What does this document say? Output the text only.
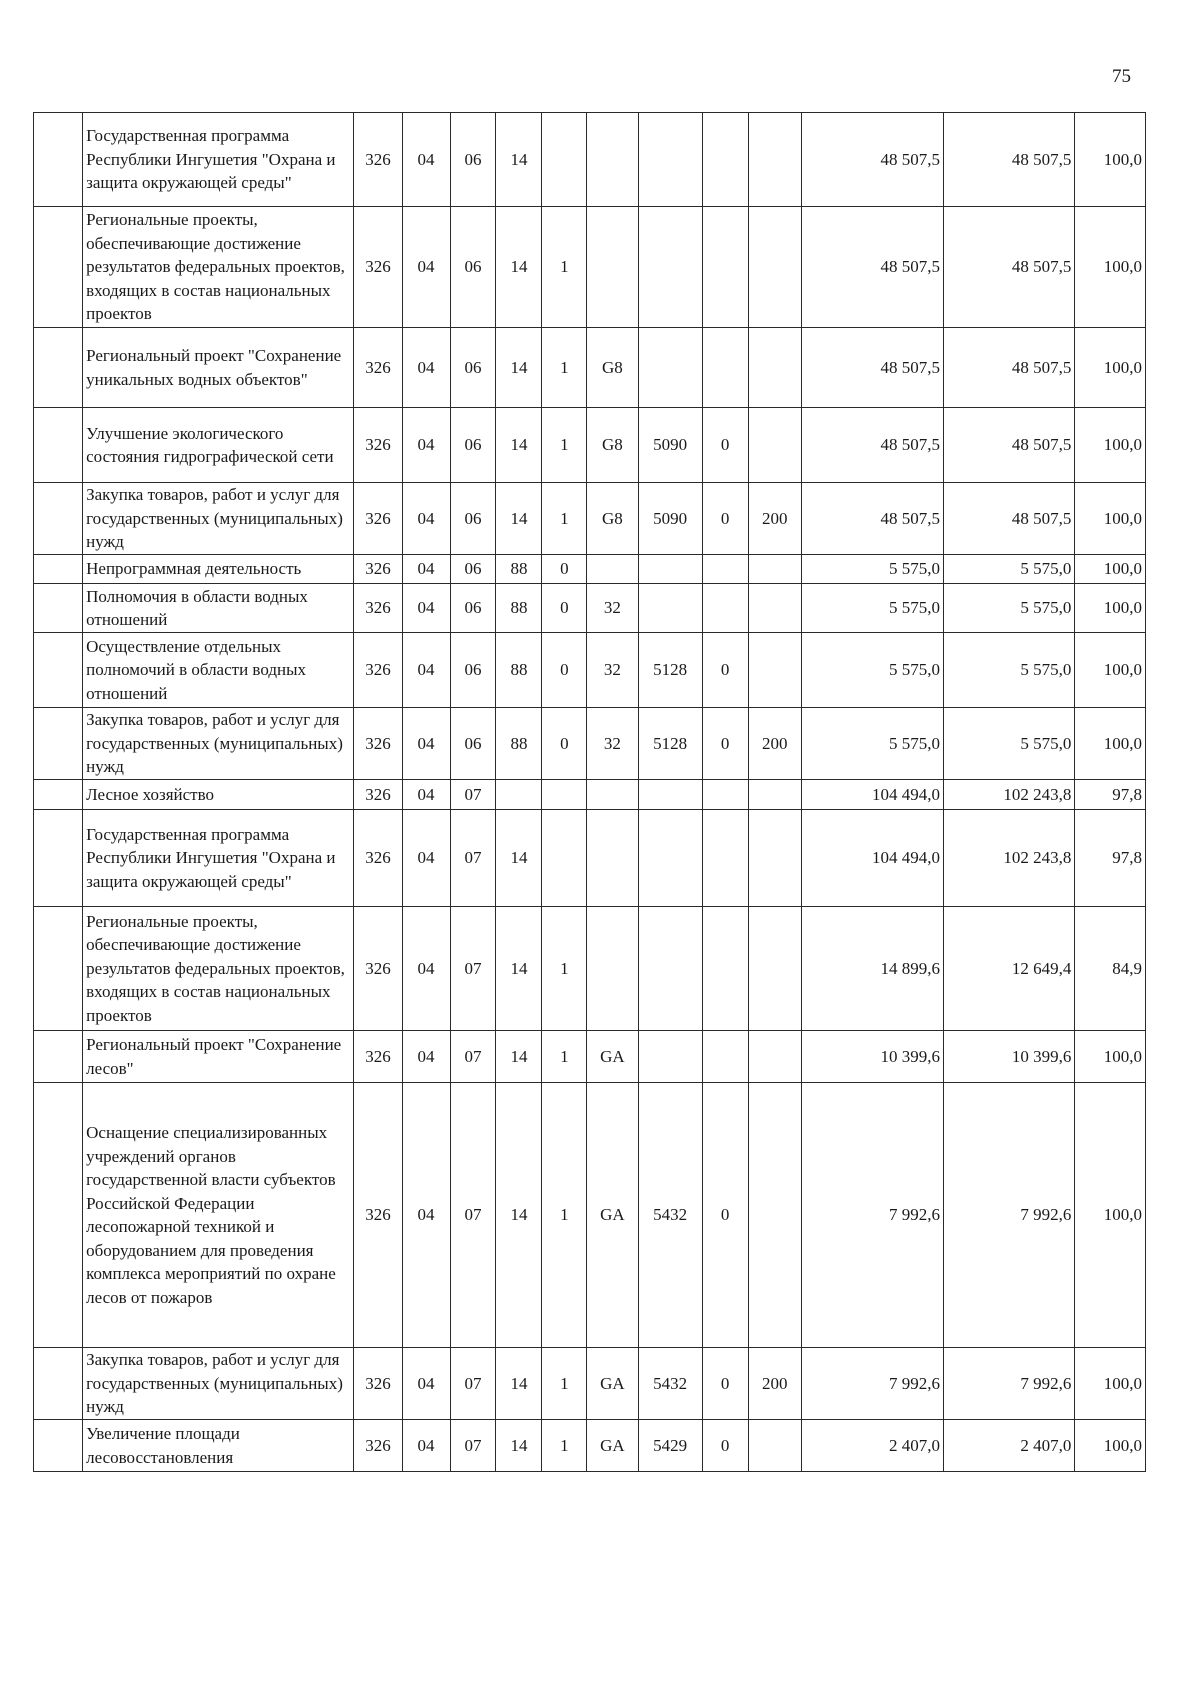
75
	Государственная программа Республики Ингушетия "Охрана и защита окружающей среды"	326	04	06	14						48 507,5	48 507,5	100,0
	Региональные проекты, обеспечивающие достижение результатов федеральных проектов, входящих в состав национальных проектов	326	04	06	14	1					48 507,5	48 507,5	100,0
	Региональный проект "Сохранение уникальных водных объектов"	326	04	06	14	1	G8				48 507,5	48 507,5	100,0
	Улучшение экологического состояния гидрографической сети	326	04	06	14	1	G8	5090	0		48 507,5	48 507,5	100,0
	Закупка товаров, работ и услуг для государственных (муниципальных) нужд	326	04	06	14	1	G8	5090	0	200	48 507,5	48 507,5	100,0
	Непрограммная деятельность	326	04	06	88	0					5 575,0	5 575,0	100,0
	Полномочия в области водных отношений	326	04	06	88	0	32				5 575,0	5 575,0	100,0
	Осуществление отдельных полномочий в области водных отношений	326	04	06	88	0	32	5128	0		5 575,0	5 575,0	100,0
	Закупка товаров, работ и услуг для государственных (муниципальных) нужд	326	04	06	88	0	32	5128	0	200	5 575,0	5 575,0	100,0
	Лесное хозяйство	326	04	07							104 494,0	102 243,8	97,8
	Государственная программа Республики Ингушетия "Охрана и защита окружающей среды"	326	04	07	14						104 494,0	102 243,8	97,8
	Региональные проекты, обеспечивающие достижение результатов федеральных проектов, входящих в состав национальных проектов	326	04	07	14	1					14 899,6	12 649,4	84,9
	Региональный проект "Сохранение лесов"	326	04	07	14	1	GA				10 399,6	10 399,6	100,0
	Оснащение специализированных учреждений органов государственной власти субъектов Российской Федерации лесопожарной техникой и оборудованием для проведения комплекса мероприятий по охране лесов от пожаров	326	04	07	14	1	GA	5432	0		7 992,6	7 992,6	100,0
	Закупка товаров, работ и услуг для государственных (муниципальных) нужд	326	04	07	14	1	GA	5432	0	200	7 992,6	7 992,6	100,0
	Увеличение площади лесовосстановления	326	04	07	14	1	GA	5429	0		2 407,0	2 407,0	100,0
